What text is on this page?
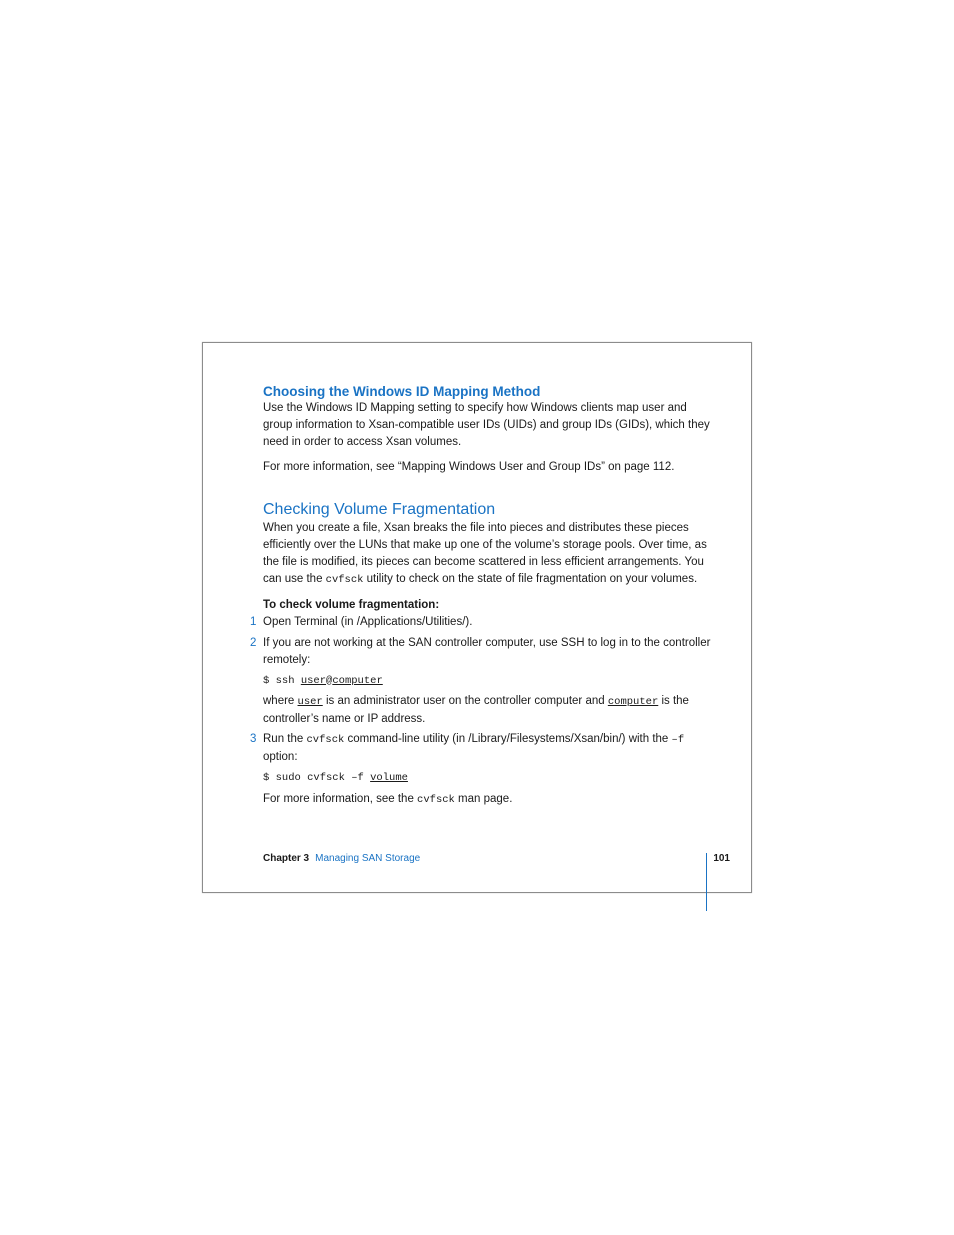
Choosing the Windows ID Mapping Method

Use the Windows ID Mapping setting to specify how Windows clients map user and group information to Xsan-compatible user IDs (UIDs) and group IDs (GIDs), which they need in order to access Xsan volumes.

For more information, see “Mapping Windows User and Group IDs” on page 112.

Checking Volume Fragmentation

When you create a file, Xsan breaks the file into pieces and distributes these pieces efficiently over the LUNs that make up one of the volume’s storage pools. Over time, as the file is modified, its pieces can become scattered in less efficient arrangements. You can use the cvfsck utility to check on the state of file fragmentation on your volumes.

To check volume fragmentation:
1 Open Terminal (in /Applications/Utilities/).
2 If you are not working at the SAN controller computer, use SSH to log in to the controller remotely:
$ ssh user@computer

where user is an administrator user on the controller computer and computer is the controller’s name or IP address.

3 Run the cvfsck command-line utility (in /Library/Filesystems/Xsan/bin/) with the –f option:
$ sudo cvfsck –f volume

For more information, see the cvfsck man page.

Chapter 3 Managing SAN Storage	101
